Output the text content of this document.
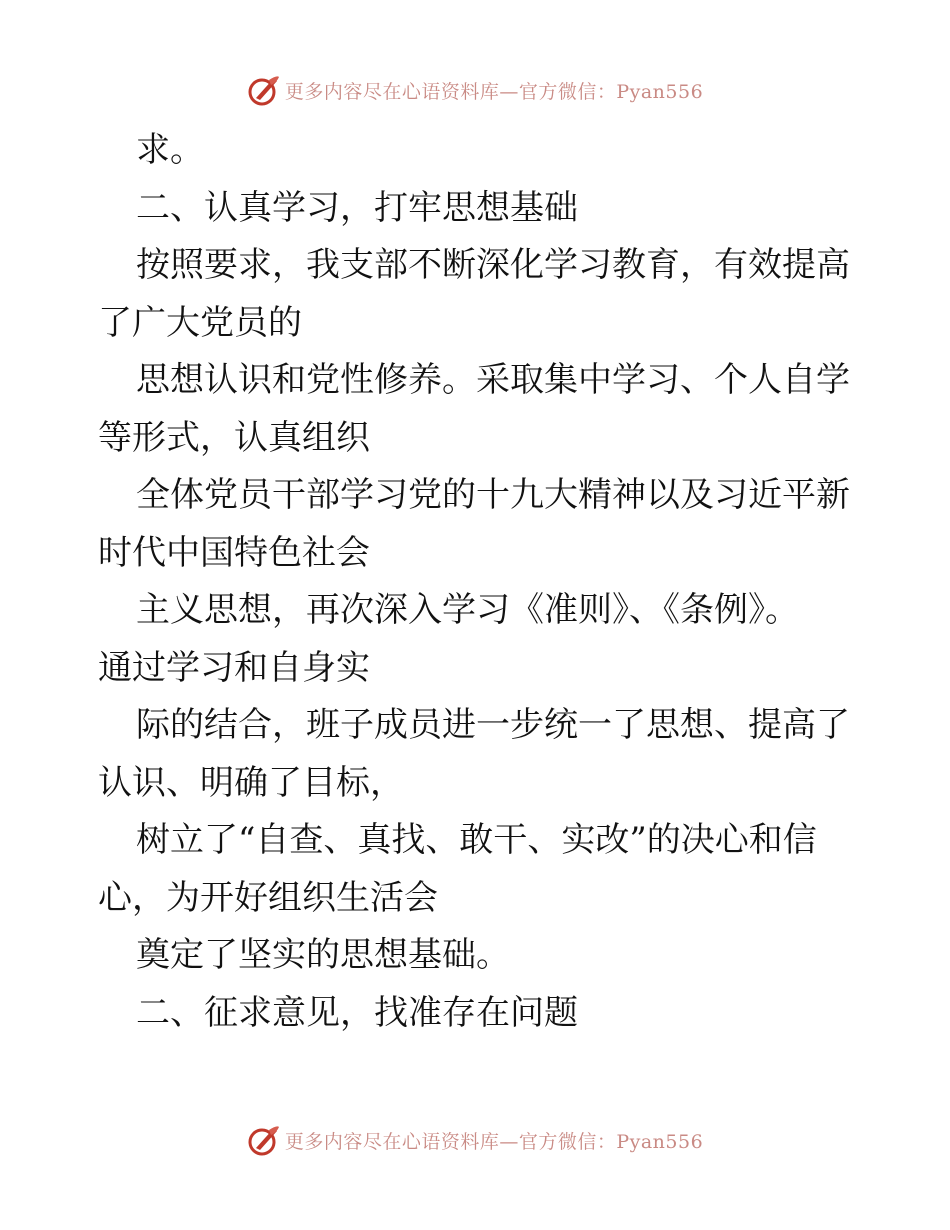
更多内容尽在心语资料库—官方微信：Pyan556

求。

二、认真学习，打牢思想基础

按照要求，我支部不断深化学习教育，有效提高

了广大党员的

思想认识和党性修养。采取集中学习、个人自学

等形式，认真组织

全体党员干部学习党的十九大精神以及习近平新

时代中国特色社会

主义思想，再次深入学习《准则》、《条例》。

通过学习和自身实

际的结合，班子成员进一步统一了思想、提高了

认识、明确了目标，

树立了“自查、真找、敢干、实改”的决心和信

心，为开好组织生活会

奠定了坚实的思想基础。

二、征求意见，找准存在问题

更多内容尽在心语资料库—官方微信：Pyan556
